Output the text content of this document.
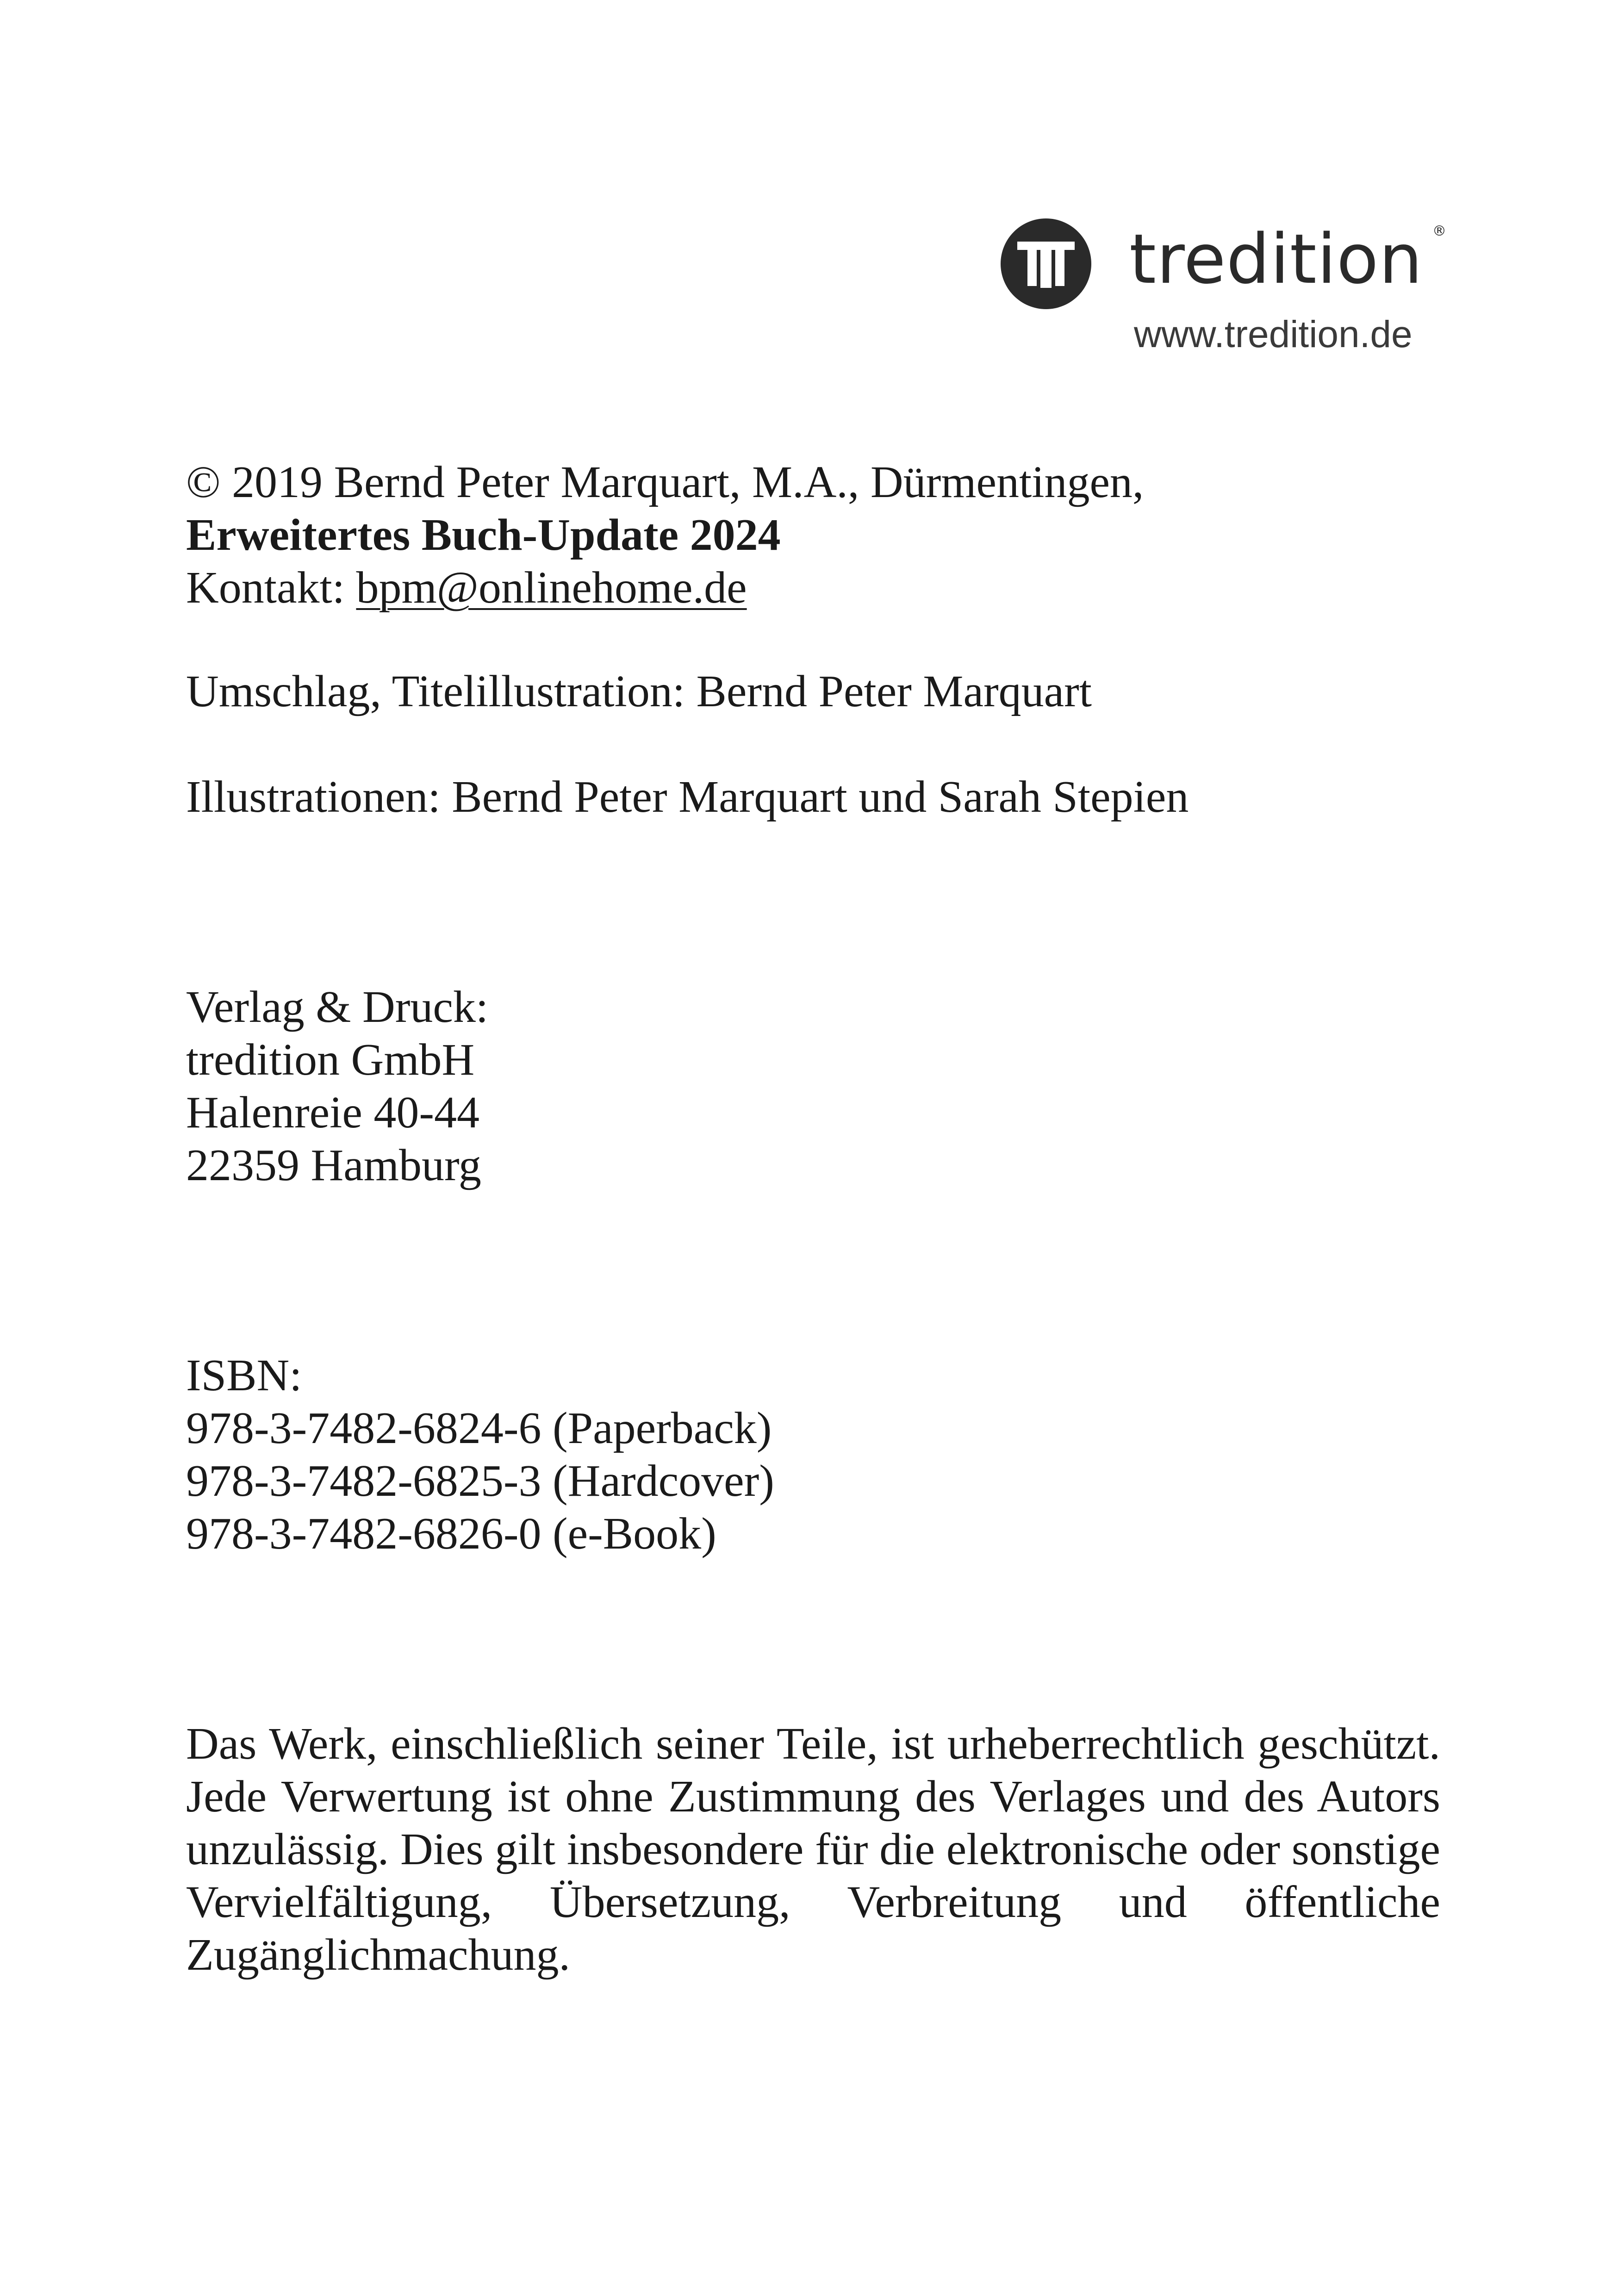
tredition ®
www.tredition.de

© 2019 Bernd Peter Marquart, M.A., Dürmentingen,
Erweitertes Buch-Update 2024
Kontakt: bpm@onlinehome.de

Umschlag, Titelillustration: Bernd Peter Marquart

Illustrationen: Bernd Peter Marquart und Sarah Stepien

Verlag & Druck:
tredition GmbH
Halenreie 40-44
22359 Hamburg

ISBN:
978-3-7482-6824-6 (Paperback)
978-3-7482-6825-3 (Hardcover)
978-3-7482-6826-0 (e-Book)

Das Werk, einschließlich seiner Teile, ist urheberrechtlich geschützt. Jede Verwertung ist ohne Zustimmung des Verlages und des Autors unzulässig. Dies gilt insbesondere für die elektronische oder sonstige Vervielfältigung, Übersetzung, Verbreitung und öffentliche Zugänglichmachung.
